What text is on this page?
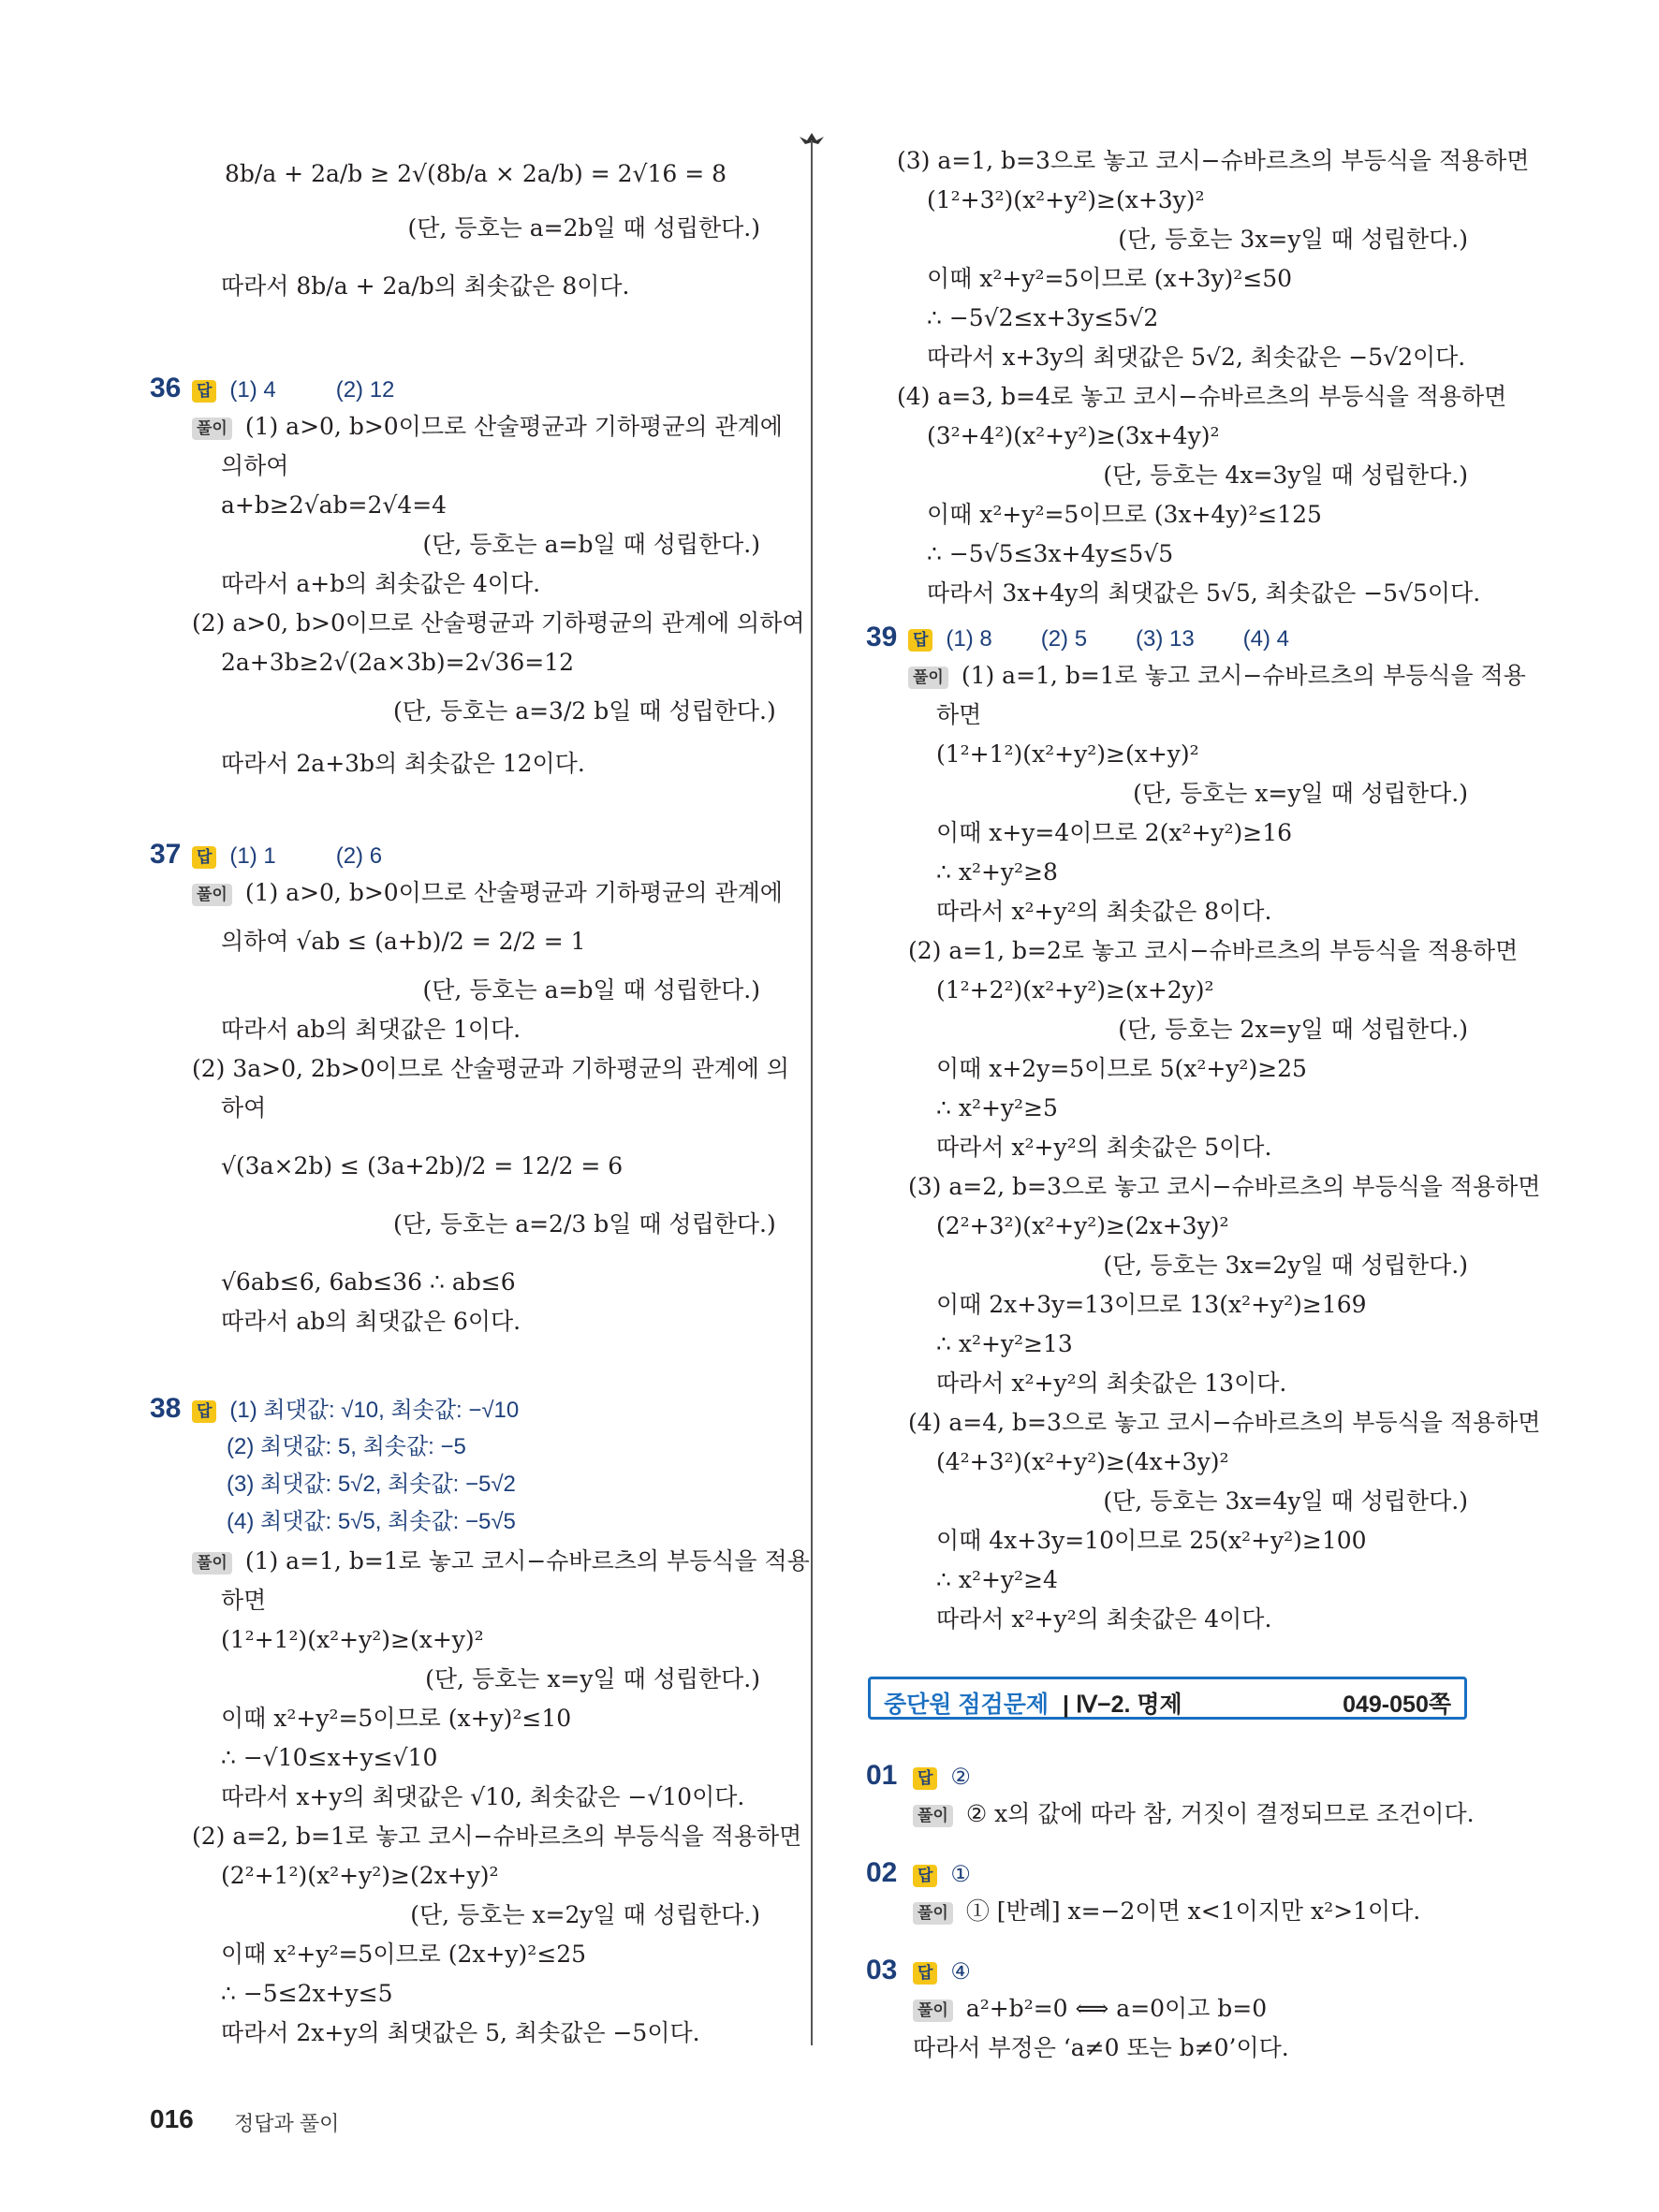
8b/a + 2a/b ≥ 2√(8b/a × 2a/b) = 2√16 = 8
(단, 등호는 a=2b일 때 성립한다.)
따라서 8b/a + 2a/b의 최솟값은 8이다.
36 답 (1) 4	(2) 12
풀이 (1) a>0, b>0이므로 산술평균과 기하평균의 관계에
의하여
a+b≥2√ab=2√4=4
(단, 등호는 a=b일 때 성립한다.)
따라서 a+b의 최솟값은 4이다.
(2) a>0, b>0이므로 산술평균과 기하평균의 관계에 의하여
2a+3b≥2√(2a×3b)=2√36=12
(단, 등호는 a=3/2 b일 때 성립한다.)
따라서 2a+3b의 최솟값은 12이다.
37 답 (1) 1	(2) 6
풀이 (1) a>0, b>0이므로 산술평균과 기하평균의 관계에
의하여 √ab ≤ (a+b)/2 = 2/2 = 1
(단, 등호는 a=b일 때 성립한다.)
따라서 ab의 최댓값은 1이다.
(2) 3a>0, 2b>0이므로 산술평균과 기하평균의 관계에 의
하여
√(3a×2b) ≤ (3a+2b)/2 = 12/2 = 6
(단, 등호는 a=2/3 b일 때 성립한다.)
√6ab≤6, 6ab≤36 ∴ ab≤6
따라서 ab의 최댓값은 6이다.
38 답 (1) 최댓값: √10, 최솟값: −√10
(2) 최댓값: 5, 최솟값: −5
(3) 최댓값: 5√2, 최솟값: −5√2
(4) 최댓값: 5√5, 최솟값: −5√5
풀이 (1) a=1, b=1로 놓고 코시−슈바르츠의 부등식을 적용
하면
(1²+1²)(x²+y²)≥(x+y)²
(단, 등호는 x=y일 때 성립한다.)
이때 x²+y²=5이므로 (x+y)²≤10
∴ −√10≤x+y≤√10
따라서 x+y의 최댓값은 √10, 최솟값은 −√10이다.
(2) a=2, b=1로 놓고 코시−슈바르츠의 부등식을 적용하면
(2²+1²)(x²+y²)≥(2x+y)²
(단, 등호는 x=2y일 때 성립한다.)
이때 x²+y²=5이므로 (2x+y)²≤25
∴ −5≤2x+y≤5
따라서 2x+y의 최댓값은 5, 최솟값은 −5이다.
(3) a=1, b=3으로 놓고 코시−슈바르츠의 부등식을 적용하면
(1²+3²)(x²+y²)≥(x+3y)²
(단, 등호는 3x=y일 때 성립한다.)
이때 x²+y²=5이므로 (x+3y)²≤50
∴ −5√2≤x+3y≤5√2
따라서 x+3y의 최댓값은 5√2, 최솟값은 −5√2이다.
(4) a=3, b=4로 놓고 코시−슈바르츠의 부등식을 적용하면
(3²+4²)(x²+y²)≥(3x+4y)²
(단, 등호는 4x=3y일 때 성립한다.)
이때 x²+y²=5이므로 (3x+4y)²≤125
∴ −5√5≤3x+4y≤5√5
따라서 3x+4y의 최댓값은 5√5, 최솟값은 −5√5이다.
39 답 (1) 8 (2) 5 (3) 13 (4) 4
풀이 (1) a=1, b=1로 놓고 코시−슈바르츠의 부등식을 적용
하면
(1²+1²)(x²+y²)≥(x+y)²
(단, 등호는 x=y일 때 성립한다.)
이때 x+y=4이므로 2(x²+y²)≥16
∴ x²+y²≥8
따라서 x²+y²의 최솟값은 8이다.
(2) a=1, b=2로 놓고 코시−슈바르츠의 부등식을 적용하면
(1²+2²)(x²+y²)≥(x+2y)²
(단, 등호는 2x=y일 때 성립한다.)
이때 x+2y=5이므로 5(x²+y²)≥25
∴ x²+y²≥5
따라서 x²+y²의 최솟값은 5이다.
(3) a=2, b=3으로 놓고 코시−슈바르츠의 부등식을 적용하면
(2²+3²)(x²+y²)≥(2x+3y)²
(단, 등호는 3x=2y일 때 성립한다.)
이때 2x+3y=13이므로 13(x²+y²)≥169
∴ x²+y²≥13
따라서 x²+y²의 최솟값은 13이다.
(4) a=4, b=3으로 놓고 코시−슈바르츠의 부등식을 적용하면
(4²+3²)(x²+y²)≥(4x+3y)²
(단, 등호는 3x=4y일 때 성립한다.)
이때 4x+3y=10이므로 25(x²+y²)≥100
∴ x²+y²≥4
따라서 x²+y²의 최솟값은 4이다.
중단원 점검문제 | Ⅳ−2. 명제	049-050쪽
01 답 ②
풀이 ② x의 값에 따라 참, 거짓이 결정되므로 조건이다.
02 답 ①
풀이 ① [반례] x=−2이면 x<1이지만 x²>1이다.
03 답 ④
풀이 a²+b²=0 ⟺ a=0이고 b=0
따라서 부정은 ‘a≠0 또는 b≠0’이다.
016 정답과 풀이
